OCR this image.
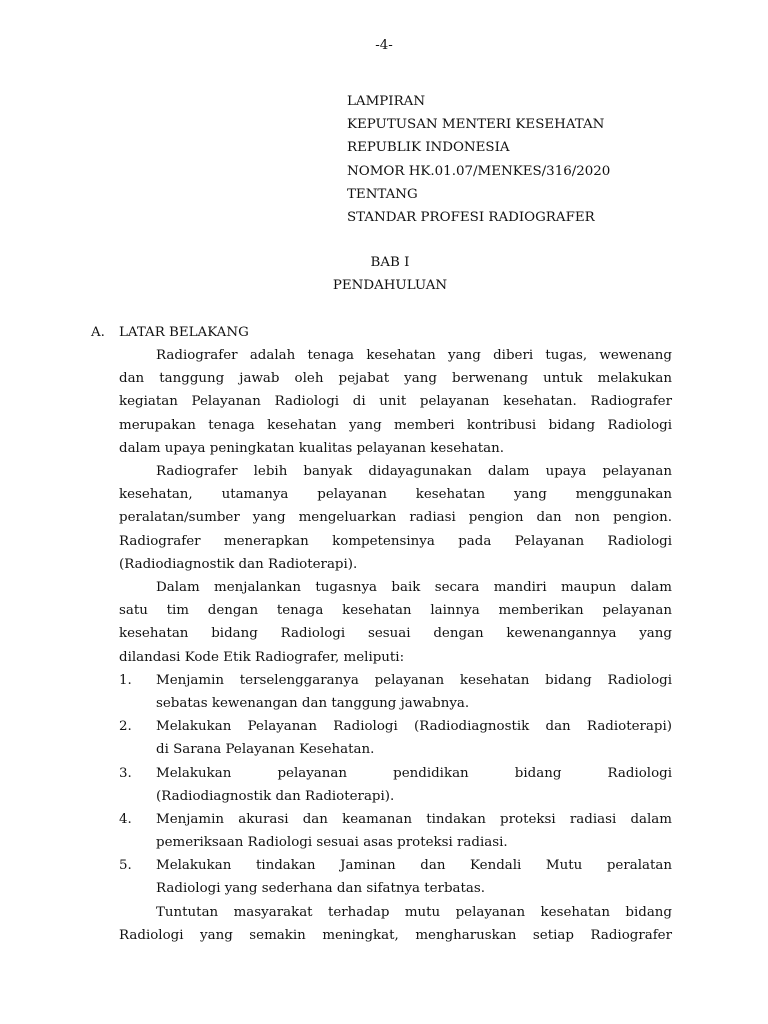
-4-
LAMPIRAN
KEPUTUSAN MENTERI KESEHATAN
REPUBLIK INDONESIA
NOMOR HK.01.07/MENKES/316/2020
TENTANG
STANDAR PROFESI RADIOGRAFER
BAB I
PENDAHULUAN
A. LATAR BELAKANG
Radiografer adalah tenaga kesehatan yang diberi tugas, wewenang
dan tanggung jawab oleh pejabat yang berwenang untuk melakukan
kegiatan Pelayanan Radiologi di unit pelayanan kesehatan. Radiografer
merupakan tenaga kesehatan yang memberi kontribusi bidang Radiologi
dalam upaya peningkatan kualitas pelayanan kesehatan.
Radiografer lebih banyak didayagunakan dalam upaya pelayanan
kesehatan, utamanya pelayanan kesehatan yang menggunakan
peralatan/sumber yang mengeluarkan radiasi pengion dan non pengion.
Radiografer menerapkan kompetensinya pada Pelayanan Radiologi
(Radiodiagnostik dan Radioterapi).
Dalam menjalankan tugasnya baik secara mandiri maupun dalam
satu tim dengan tenaga kesehatan lainnya memberikan pelayanan
kesehatan bidang Radiologi sesuai dengan kewenangannya yang
dilandasi Kode Etik Radiografer, meliputi:
1. Menjamin terselenggaranya pelayanan kesehatan bidang Radiologi
sebatas kewenangan dan tanggung jawabnya.
2. Melakukan Pelayanan Radiologi (Radiodiagnostik dan Radioterapi)
di Sarana Pelayanan Kesehatan.
3. Melakukan pelayanan pendidikan bidang Radiologi
(Radiodiagnostik dan Radioterapi).
4. Menjamin akurasi dan keamanan tindakan proteksi radiasi dalam
pemeriksaan Radiologi sesuai asas proteksi radiasi.
5. Melakukan tindakan Jaminan dan Kendali Mutu peralatan
Radiologi yang sederhana dan sifatnya terbatas.
Tuntutan masyarakat terhadap mutu pelayanan kesehatan bidang
Radiologi yang semakin meningkat, mengharuskan setiap Radiografer
